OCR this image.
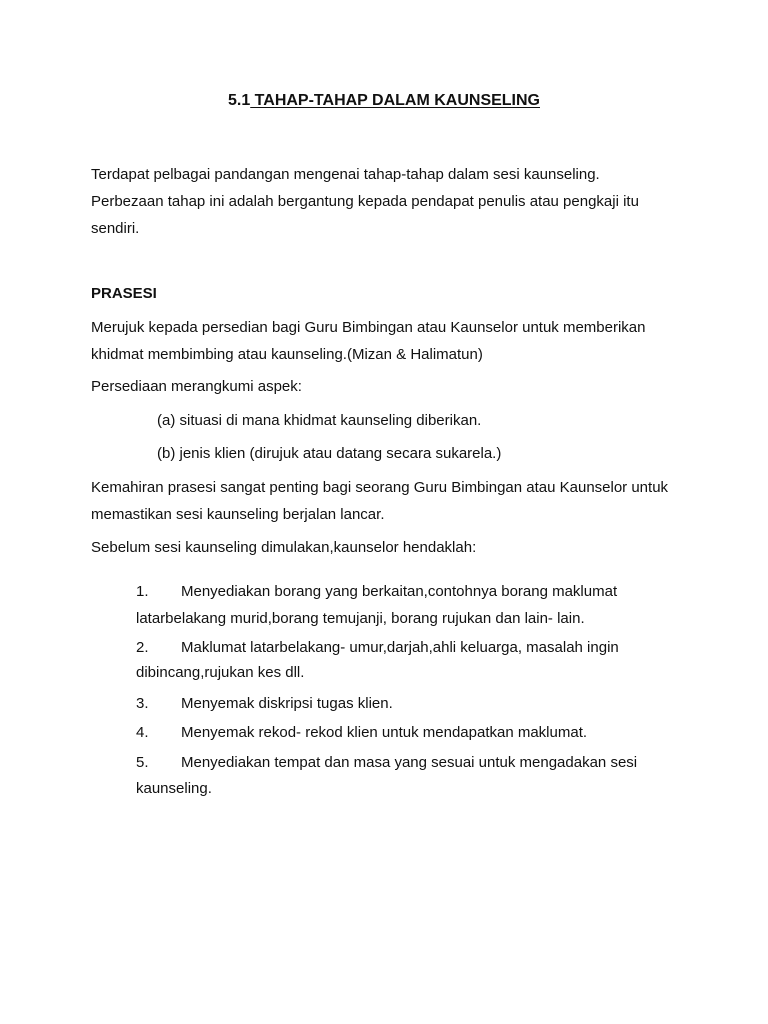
5.1 TAHAP-TAHAP DALAM KAUNSELING
Terdapat pelbagai pandangan mengenai tahap-tahap dalam sesi kaunseling.
Perbezaan tahap ini adalah bergantung kepada pendapat penulis atau pengkaji itu
sendiri.
PRASESI
Merujuk kepada persedian bagi Guru Bimbingan atau Kaunselor untuk memberikan
khidmat membimbing atau kaunseling.(Mizan & Halimatun)
Persediaan merangkumi aspek:
(a) situasi di mana khidmat kaunseling diberikan.
(b) jenis klien (dirujuk atau datang secara sukarela.)
Kemahiran prasesi sangat penting bagi seorang Guru Bimbingan atau Kaunselor untuk
memastikan sesi kaunseling berjalan lancar.
Sebelum sesi kaunseling dimulakan,kaunselor hendaklah:
1. Menyediakan borang yang berkaitan,contohnya borang maklumat
latarbelakang murid,borang temujanji, borang rujukan dan lain- lain.
2. Maklumat latarbelakang- umur,darjah,ahli keluarga, masalah ingin
dibincang,rujukan kes dll.
3. Menyemak diskripsi tugas klien.
4. Menyemak rekod- rekod klien untuk mendapatkan maklumat.
5. Menyediakan tempat dan masa yang sesuai untuk mengadakan sesi
kaunseling.
